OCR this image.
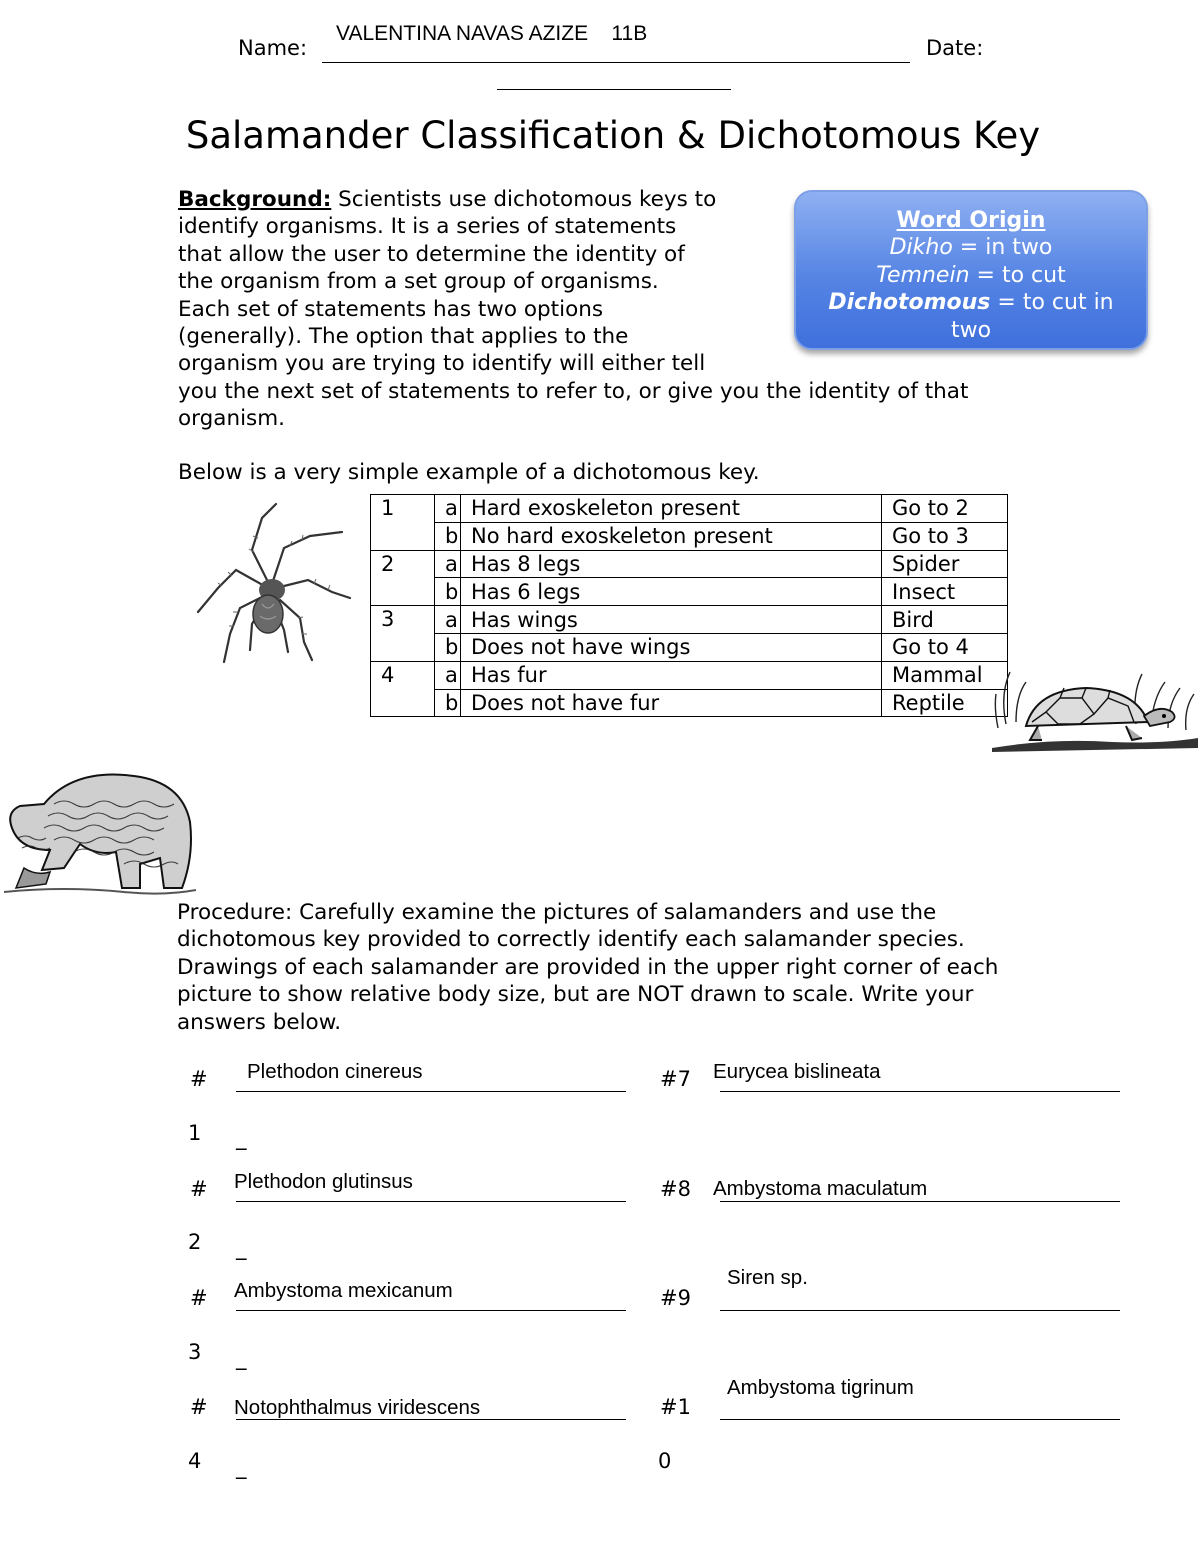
Name:
VALENTINA NAVAS AZIZE    11B
Date:
Salamander Classification & Dichotomous Key
Background: Scientists use dichotomous keys to
identify organisms. It is a series of statements
that allow the user to determine the identity of
the organism from a set group of organisms.
Each set of statements has two options
(generally). The option that applies to the
organism you are trying to identify will either tell
you the next set of statements to refer to, or give you the identity of that
organism.
Word Origin
Dikho = in two
Temnein = to cut
Dichotomous = to cut in
two
Below is a very simple example of a dichotomous key.
1	a	Hard exoskeleton present	Go to 2
	b	No hard exoskeleton present	Go to 3
2	a	Has 8 legs	Spider
	b	Has 6 legs	Insect
3	a	Has wings	Bird
	b	Does not have wings	Go to 4
4	a	Has fur	Mammal
	b	Does not have fur	Reptile
Procedure: Carefully examine the pictures of salamanders and use the
dichotomous key provided to correctly identify each salamander species.
Drawings of each salamander are provided in the upper right corner of each
picture to show relative body size, but are NOT drawn to scale. Write your
answers below.
# Plethodon cinereus
1 _
# Plethodon glutinsus
2 _
# Ambystoma mexicanum
3 _
# Notophthalmus viridescens
4 _
#7 Eurycea bislineata
#8 Ambystoma maculatum
#9
Siren sp.
#1
0
Ambystoma tigrinum
